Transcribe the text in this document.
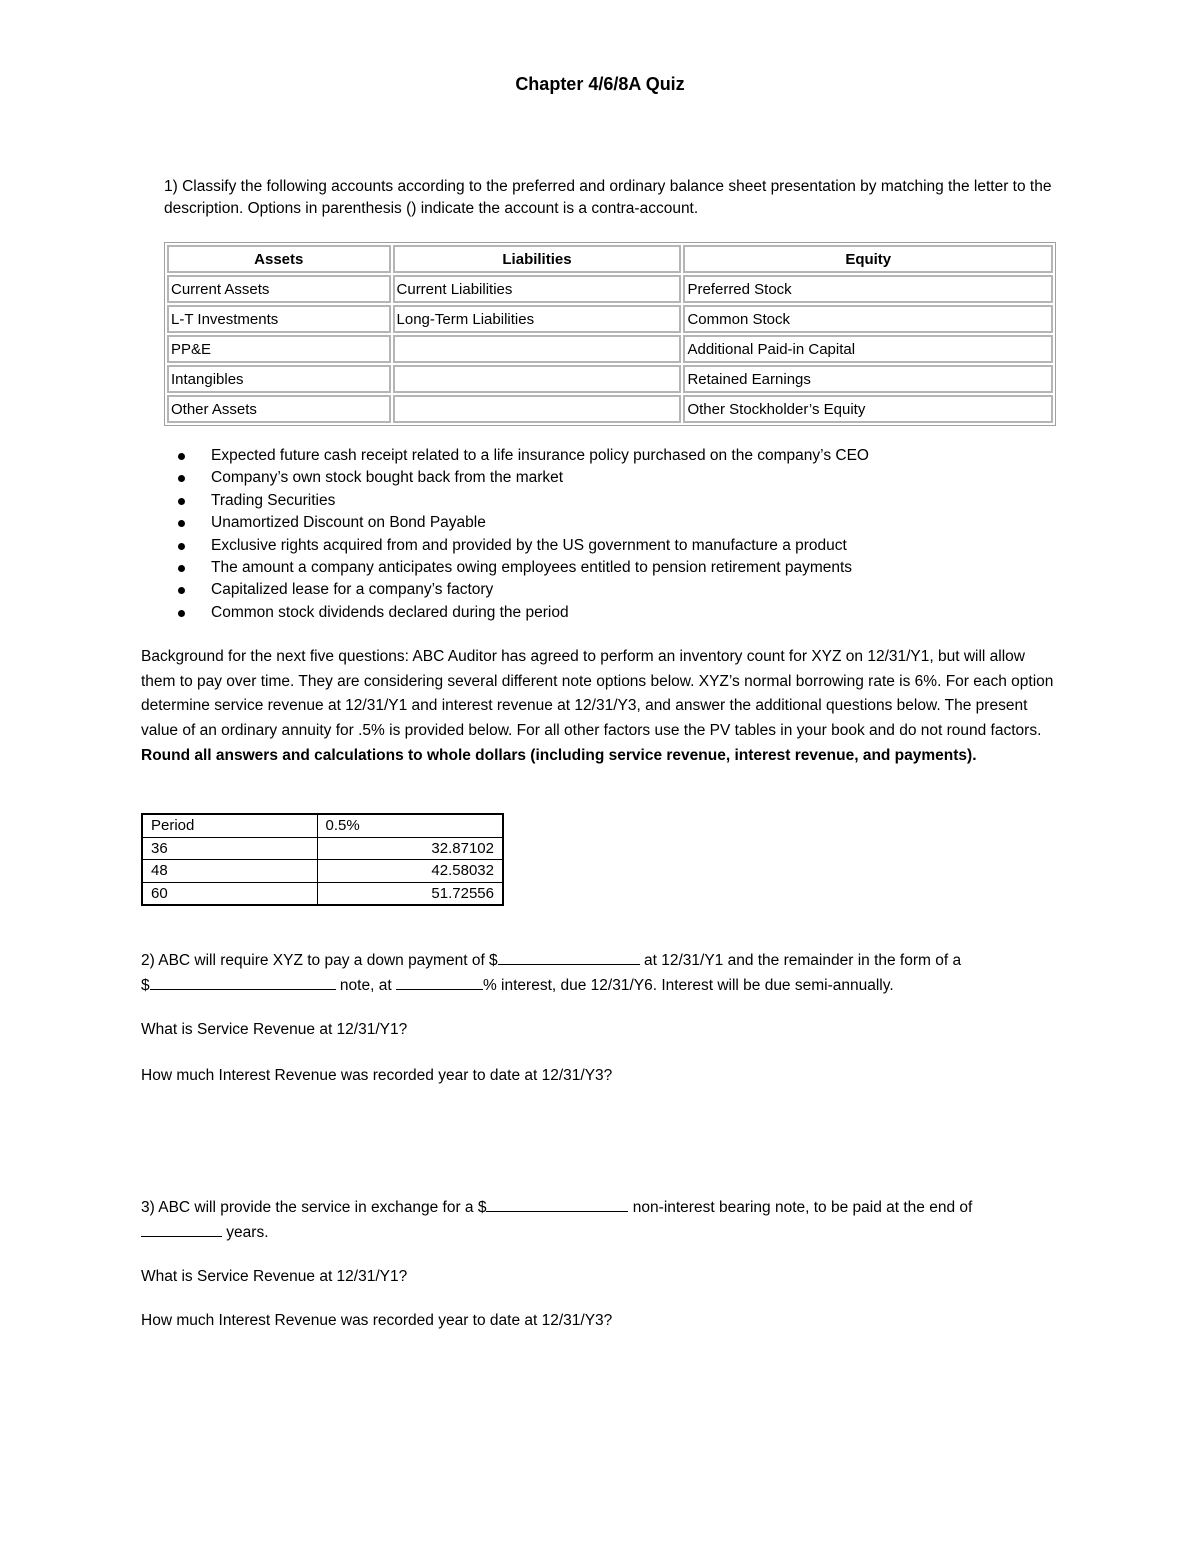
Chapter 4/6/8A Quiz
1) Classify the following accounts according to the preferred and ordinary balance sheet presentation by matching the letter to the description. Options in parenthesis () indicate the account is a contra-account.
Assets	Liabilities	Equity
Current Assets	Current Liabilities	Preferred Stock
L-T Investments	Long-Term Liabilities	Common Stock
PP&E		Additional Paid-in Capital
Intangibles		Retained Earnings
Other Assets		Other Stockholder’s Equity
Expected future cash receipt related to a life insurance policy purchased on the company’s CEO
Company’s own stock bought back from the market
Trading Securities
Unamortized Discount on Bond Payable
Exclusive rights acquired from and provided by the US government to manufacture a product
The amount a company anticipates owing employees entitled to pension retirement payments
Capitalized lease for a company’s factory
Common stock dividends declared during the period
Background for the next five questions: ABC Auditor has agreed to perform an inventory count for XYZ on 12/31/Y1, but will allow them to pay over time. They are considering several different note options below. XYZ’s normal borrowing rate is 6%. For each option determine service revenue at 12/31/Y1 and interest revenue at 12/31/Y3, and answer the additional questions below. The present value of an ordinary annuity for .5% is provided below. For all other factors use the PV tables in your book and do not round factors. Round all answers and calculations to whole dollars (including service revenue, interest revenue, and payments).
Period	0.5%
36	32.87102
48	42.58032
60	51.72556
2) ABC will require XYZ to pay a down payment of $	at 12/31/Y1 and the remainder in the form of a
$	note, at	% interest, due 12/31/Y6. Interest will be due semi-annually.
What is Service Revenue at 12/31/Y1?
How much Interest Revenue was recorded year to date at 12/31/Y3?
3) ABC will provide the service in exchange for a $	non-interest bearing note, to be paid at the end of
years.
What is Service Revenue at 12/31/Y1?
How much Interest Revenue was recorded year to date at 12/31/Y3?
